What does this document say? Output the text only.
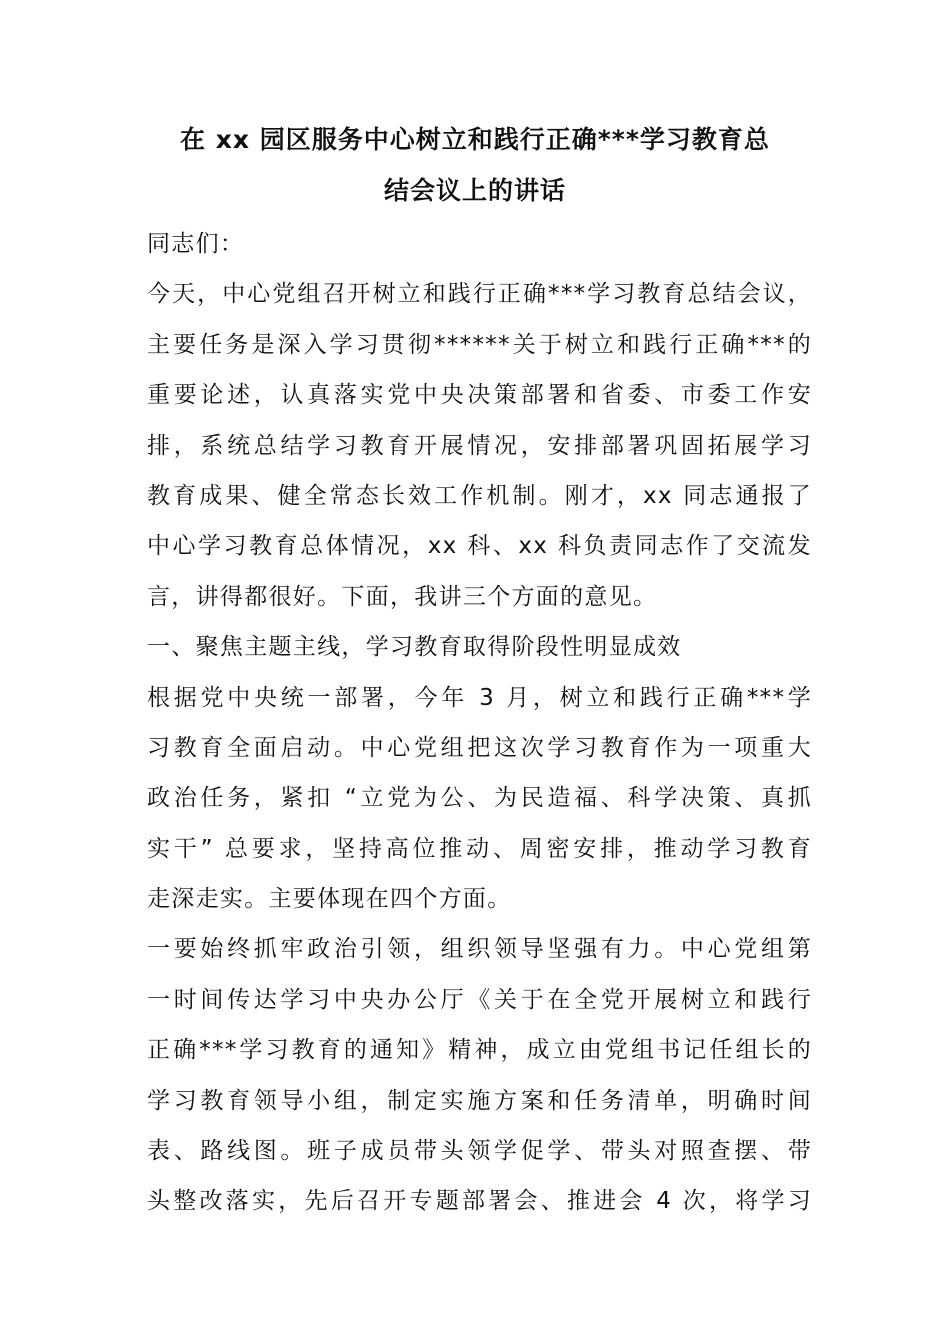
在 xx 园区服务中心树立和践行正确***学习教育总
结会议上的讲话
同志们：
今天，中心党组召开树立和践行正确***学习教育总结会议，
主要任务是深入学习贯彻******关于树立和践行正确***的
重要论述，认真落实党中央决策部署和省委、市委工作安
排，系统总结学习教育开展情况，安排部署巩固拓展学习
教育成果、健全常态长效工作机制。刚才，xx 同志通报了
中心学习教育总体情况，xx 科、xx 科负责同志作了交流发
言，讲得都很好。下面，我讲三个方面的意见。
一、聚焦主题主线，学习教育取得阶段性明显成效
根据党中央统一部署，今年 3 月，树立和践行正确***学
习教育全面启动。中心党组把这次学习教育作为一项重大
政治任务，紧扣 “立党为公、为民造福、科学决策、真抓
实干” 总要求，坚持高位推动、周密安排，推动学习教育
走深走实。主要体现在四个方面。
一要始终抓牢政治引领，组织领导坚强有力。中心党组第
一时间传达学习中央办公厅《关于在全党开展树立和践行
正确***学习教育的通知》精神，成立由党组书记任组长的
学习教育领导小组，制定实施方案和任务清单，明确时间
表、路线图。班子成员带头领学促学、带头对照查摆、带
头整改落实，先后召开专题部署会、推进会 4 次，将学习
